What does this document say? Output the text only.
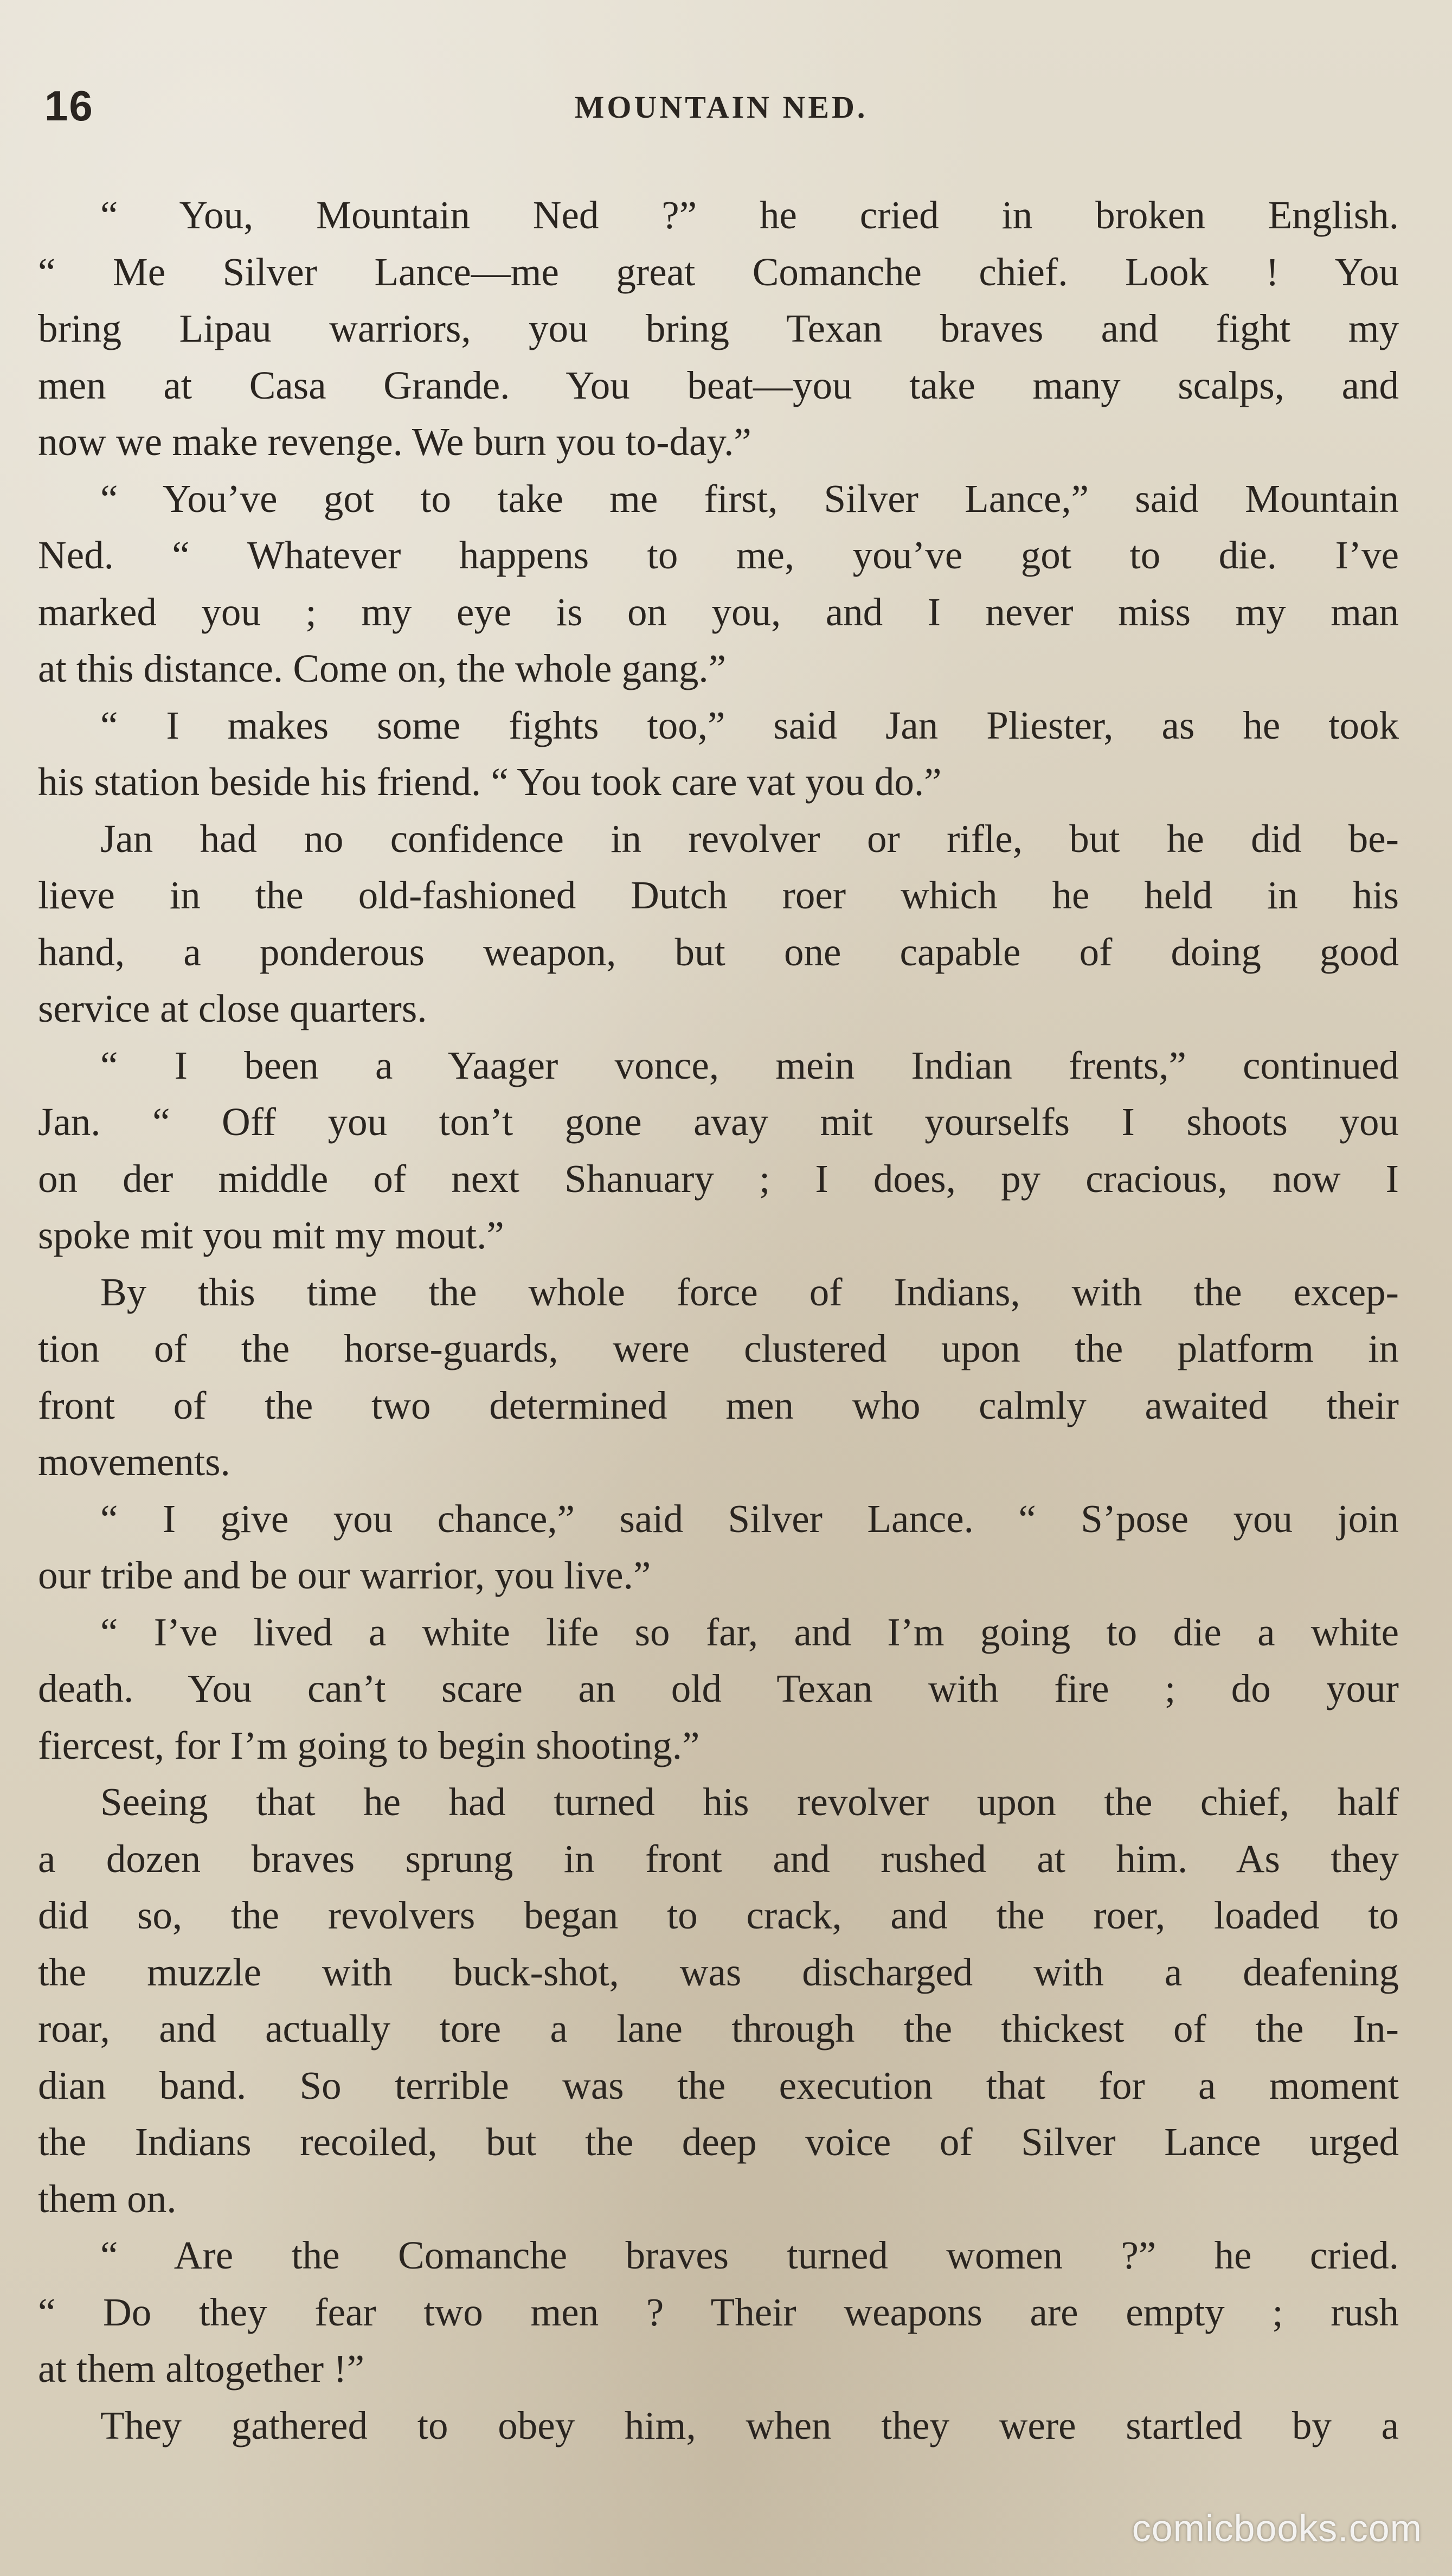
16	MOUNTAIN NED.
“ You, Mountain Ned ?” he cried in broken English.
“ Me Silver Lance—me great Comanche chief. Look ! You
bring Lipau warriors, you bring Texan braves and fight my
men at Casa Grande. You beat—you take many scalps, and
now we make revenge. We burn you to-day.”
“ You’ve got to take me first, Silver Lance,” said Mountain
Ned. “ Whatever happens to me, you’ve got to die. I’ve
marked you ; my eye is on you, and I never miss my man
at this distance. Come on, the whole gang.”
“ I makes some fights too,” said Jan Pliester, as he took
his station beside his friend. “ You took care vat you do.”
Jan had no confidence in revolver or rifle, but he did be-
lieve in the old-fashioned Dutch roer which he held in his
hand, a ponderous weapon, but one capable of doing good
service at close quarters.
“ I been a Yaager vonce, mein Indian frents,” continued
Jan. “ Off you ton’t gone avay mit yourselfs I shoots you
on der middle of next Shanuary ; I does, py cracious, now I
spoke mit you mit my mout.”
By this time the whole force of Indians, with the excep-
tion of the horse-guards, were clustered upon the platform in
front of the two determined men who calmly awaited their
movements.
“ I give you chance,” said Silver Lance. “ S’pose you join
our tribe and be our warrior, you live.”
“ I’ve lived a white life so far, and I’m going to die a white
death. You can’t scare an old Texan with fire ; do your
fiercest, for I’m going to begin shooting.”
Seeing that he had turned his revolver upon the chief, half
a dozen braves sprung in front and rushed at him. As they
did so, the revolvers began to crack, and the roer, loaded to
the muzzle with buck-shot, was discharged with a deafening
roar, and actually tore a lane through the thickest of the In-
dian band. So terrible was the execution that for a moment
the Indians recoiled, but the deep voice of Silver Lance urged
them on.
“ Are the Comanche braves turned women ?” he cried.
“ Do they fear two men ? Their weapons are empty ; rush
at them altogether !”
They gathered to obey him, when they were startled by a
comicbooks.com
